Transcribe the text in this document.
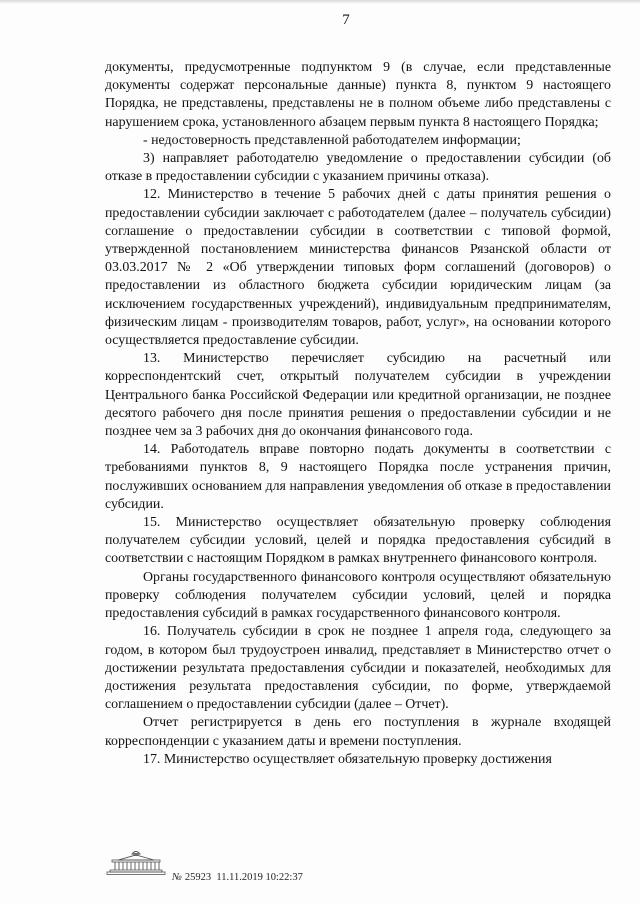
7

документы, предусмотренные подпунктом 9 (в случае, если представленные документы содержат персональные данные) пункта 8, пунктом 9 настоящего Порядка, не представлены, представлены не в полном объеме либо представлены с нарушением срока, установленного абзацем первым пункта 8 настоящего Порядка;

- недостоверность представленной работодателем информации;

3) направляет работодателю уведомление о предоставлении субсидии (об отказе в предоставлении субсидии с указанием причины отказа).

12. Министерство в течение 5 рабочих дней с даты принятия решения о предоставлении субсидии заключает с работодателем (далее – получатель субсидии) соглашение о предоставлении субсидии в соответствии с типовой формой, утвержденной постановлением министерства финансов Рязанской области от 03.03.2017 № 2 «Об утверждении типовых форм соглашений (договоров) о предоставлении из областного бюджета субсидии юридическим лицам (за исключением государственных учреждений), индивидуальным предпринимателям, физическим лицам - производителям товаров, работ, услуг», на основании которого осуществляется предоставление субсидии.

13. Министерство перечисляет субсидию на расчетный или корреспондентский счет, открытый получателем субсидии в учреждении Центрального банка Российской Федерации или кредитной организации, не позднее десятого рабочего дня после принятия решения о предоставлении субсидии и не позднее чем за 3 рабочих дня до окончания финансового года.

14. Работодатель вправе повторно подать документы в соответствии с требованиями пунктов 8, 9 настоящего Порядка после устранения причин, послуживших основанием для направления уведомления об отказе в предоставлении субсидии.

15. Министерство осуществляет обязательную проверку соблюдения получателем субсидии условий, целей и порядка предоставления субсидий в соответствии с настоящим Порядком в рамках внутреннего финансового контроля.

Органы государственного финансового контроля осуществляют обязательную проверку соблюдения получателем субсидии условий, целей и порядка предоставления субсидий в рамках государственного финансового контроля.

16. Получатель субсидии в срок не позднее 1 апреля года, следующего за годом, в котором был трудоустроен инвалид, представляет в Министерство отчет о достижении результата предоставления субсидии и показателей, необходимых для достижения результата предоставления субсидии, по форме, утверждаемой соглашением о предоставлении субсидии (далее – Отчет).

Отчет регистрируется в день его поступления в журнале входящей корреспонденции с указанием даты и времени поступления.

17. Министерство осуществляет обязательную проверку достижения

№ 25923 11.11.2019 10:22:37
